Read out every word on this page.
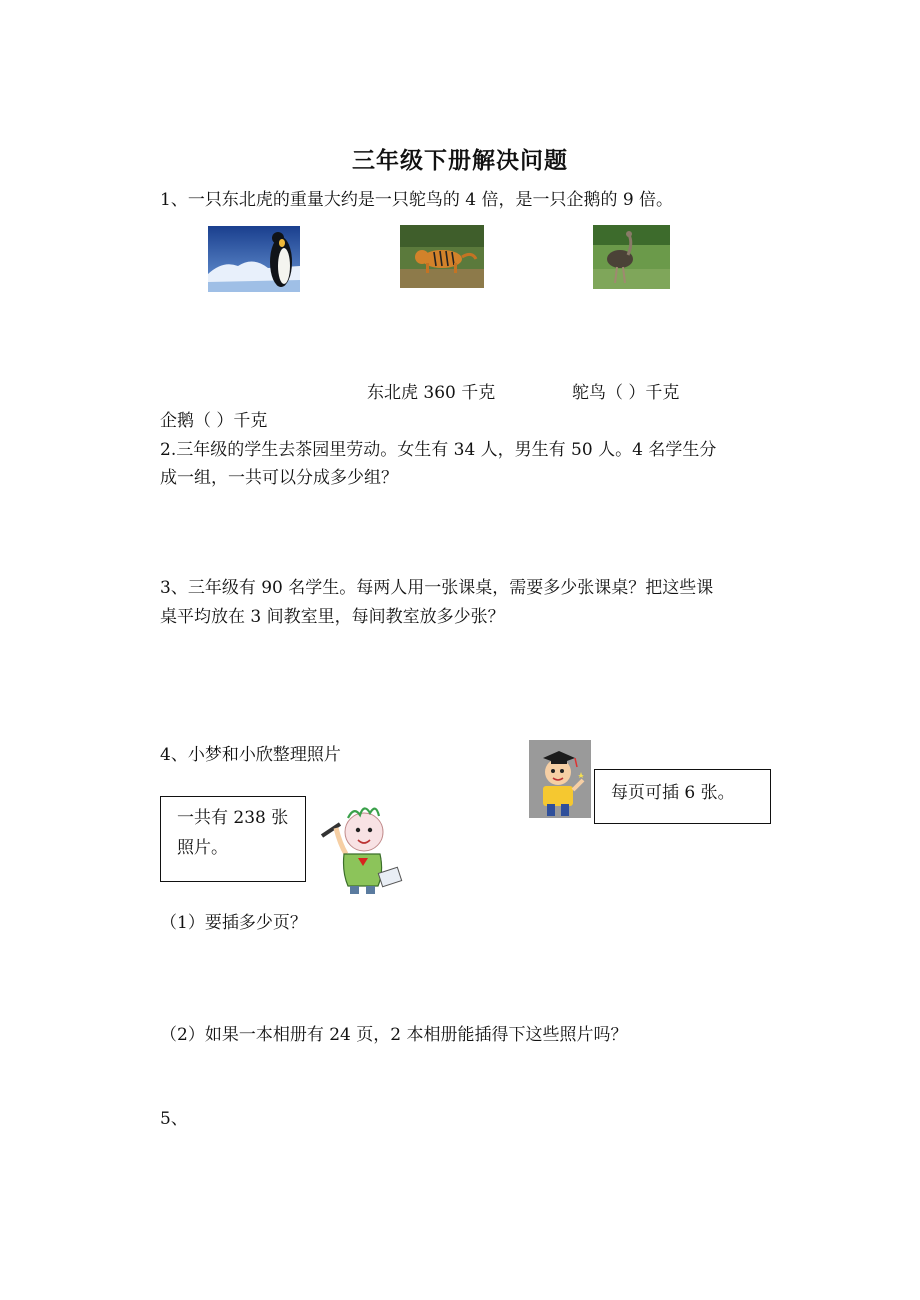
三年级下册解决问题
1、一只东北虎的重量大约是一只鸵鸟的 4 倍，是一只企鹅的 9 倍。
东北虎 360 千克	鸵鸟（ ）千克
企鹅（ ）千克
2.三年级的学生去茶园里劳动。女生有 34 人，男生有 50 人。4 名学生分
成一组，一共可以分成多少组？
3、三年级有 90 名学生。每两人用一张课桌，需要多少张课桌？把这些课
桌平均放在 3 间教室里，每间教室放多少张？
4、小梦和小欣整理照片
每页可插 6 张。
一共有 238 张
照片。
（1）要插多少页？
（2）如果一本相册有 24 页，2 本相册能插得下这些照片吗？
5、
